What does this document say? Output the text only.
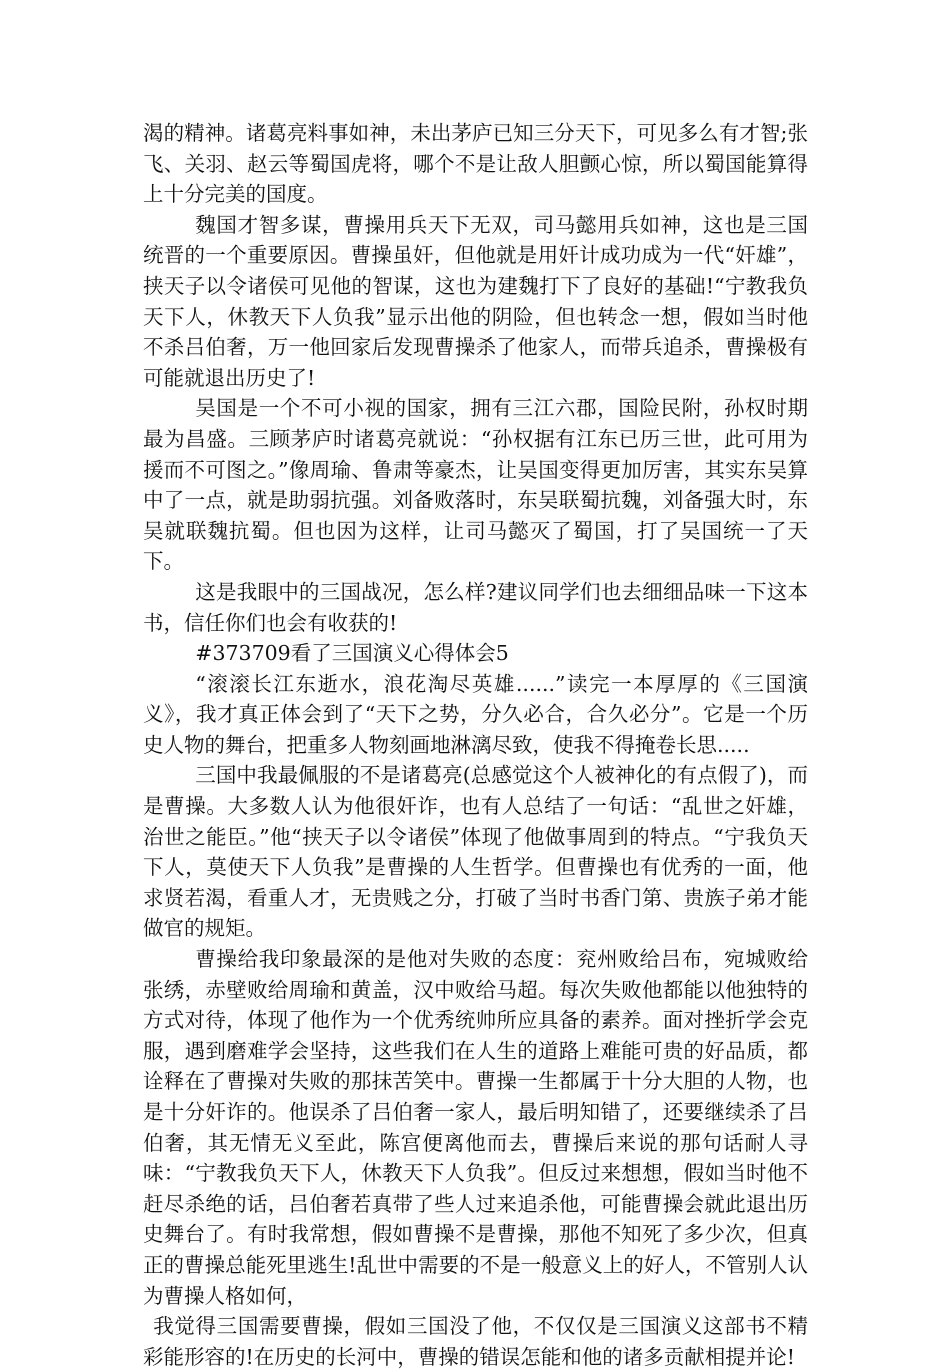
渴的精神。诸葛亮料事如神，未出茅庐已知三分天下，可见多么有才智;张飞、关羽、赵云等蜀国虎将，哪个不是让敌人胆颤心惊，所以蜀国能算得上十分完美的国度。

魏国才智多谋，曹操用兵天下无双，司马懿用兵如神，这也是三国统晋的一个重要原因。曹操虽奸，但他就是用奸计成功成为一代“奸雄”，挟天子以令诸侯可见他的智谋，这也为建魏打下了良好的基础!“宁教我负天下人，休教天下人负我”显示出他的阴险，但也转念一想，假如当时他不杀吕伯奢，万一他回家后发现曹操杀了他家人，而带兵追杀，曹操极有可能就退出历史了!

吴国是一个不可小视的国家，拥有三江六郡，国险民附，孙权时期最为昌盛。三顾茅庐时诸葛亮就说：“孙权据有江东已历三世，此可用为援而不可图之。”像周瑜、鲁肃等豪杰，让吴国变得更加厉害，其实东吴算中了一点，就是助弱抗强。刘备败落时，东吴联蜀抗魏，刘备强大时，东吴就联魏抗蜀。但也因为这样，让司马懿灭了蜀国，打了吴国统一了天下。

这是我眼中的三国战况，怎么样?建议同学们也去细细品味一下这本书，信任你们也会有收获的!

#373709看了三国演义心得体会5

“滚滚长江东逝水，浪花淘尽英雄......”读完一本厚厚的《三国演义》，我才真正体会到了“天下之势，分久必合，合久必分”。它是一个历史人物的舞台，把重多人物刻画地淋漓尽致，使我不得掩卷长思.....

三国中我最佩服的不是诸葛亮(总感觉这个人被神化的有点假了)，而是曹操。大多数人认为他很奸诈，也有人总结了一句话：“乱世之奸雄，治世之能臣。”他“挟天子以令诸侯”体现了他做事周到的特点。“宁我负天下人，莫使天下人负我”是曹操的人生哲学。但曹操也有优秀的一面，他求贤若渴，看重人才，无贵贱之分，打破了当时书香门第、贵族子弟才能做官的规矩。

曹操给我印象最深的是他对失败的态度：兖州败给吕布，宛城败给张绣，赤壁败给周瑜和黄盖，汉中败给马超。每次失败他都能以他独特的方式对待，体现了他作为一个优秀统帅所应具备的素养。面对挫折学会克服，遇到磨难学会坚持，这些我们在人生的道路上难能可贵的好品质，都诠释在了曹操对失败的那抹苦笑中。曹操一生都属于十分大胆的人物，也是十分奸诈的。他误杀了吕伯奢一家人，最后明知错了，还要继续杀了吕伯奢，其无情无义至此，陈宫便离他而去，曹操后来说的那句话耐人寻味：“宁教我负天下人，休教天下人负我”。但反过来想想，假如当时他不赶尽杀绝的话，吕伯奢若真带了些人过来追杀他，可能曹操会就此退出历史舞台了。有时我常想，假如曹操不是曹操，那他不知死了多少次，但真正的曹操总能死里逃生!乱世中需要的不是一般意义上的好人，不管别人认为曹操人格如何，

我觉得三国需要曹操，假如三国没了他，不仅仅是三国演义这部书不精彩能形容的!在历史的长河中，曹操的错误怎能和他的诸多贡献相提并论!
